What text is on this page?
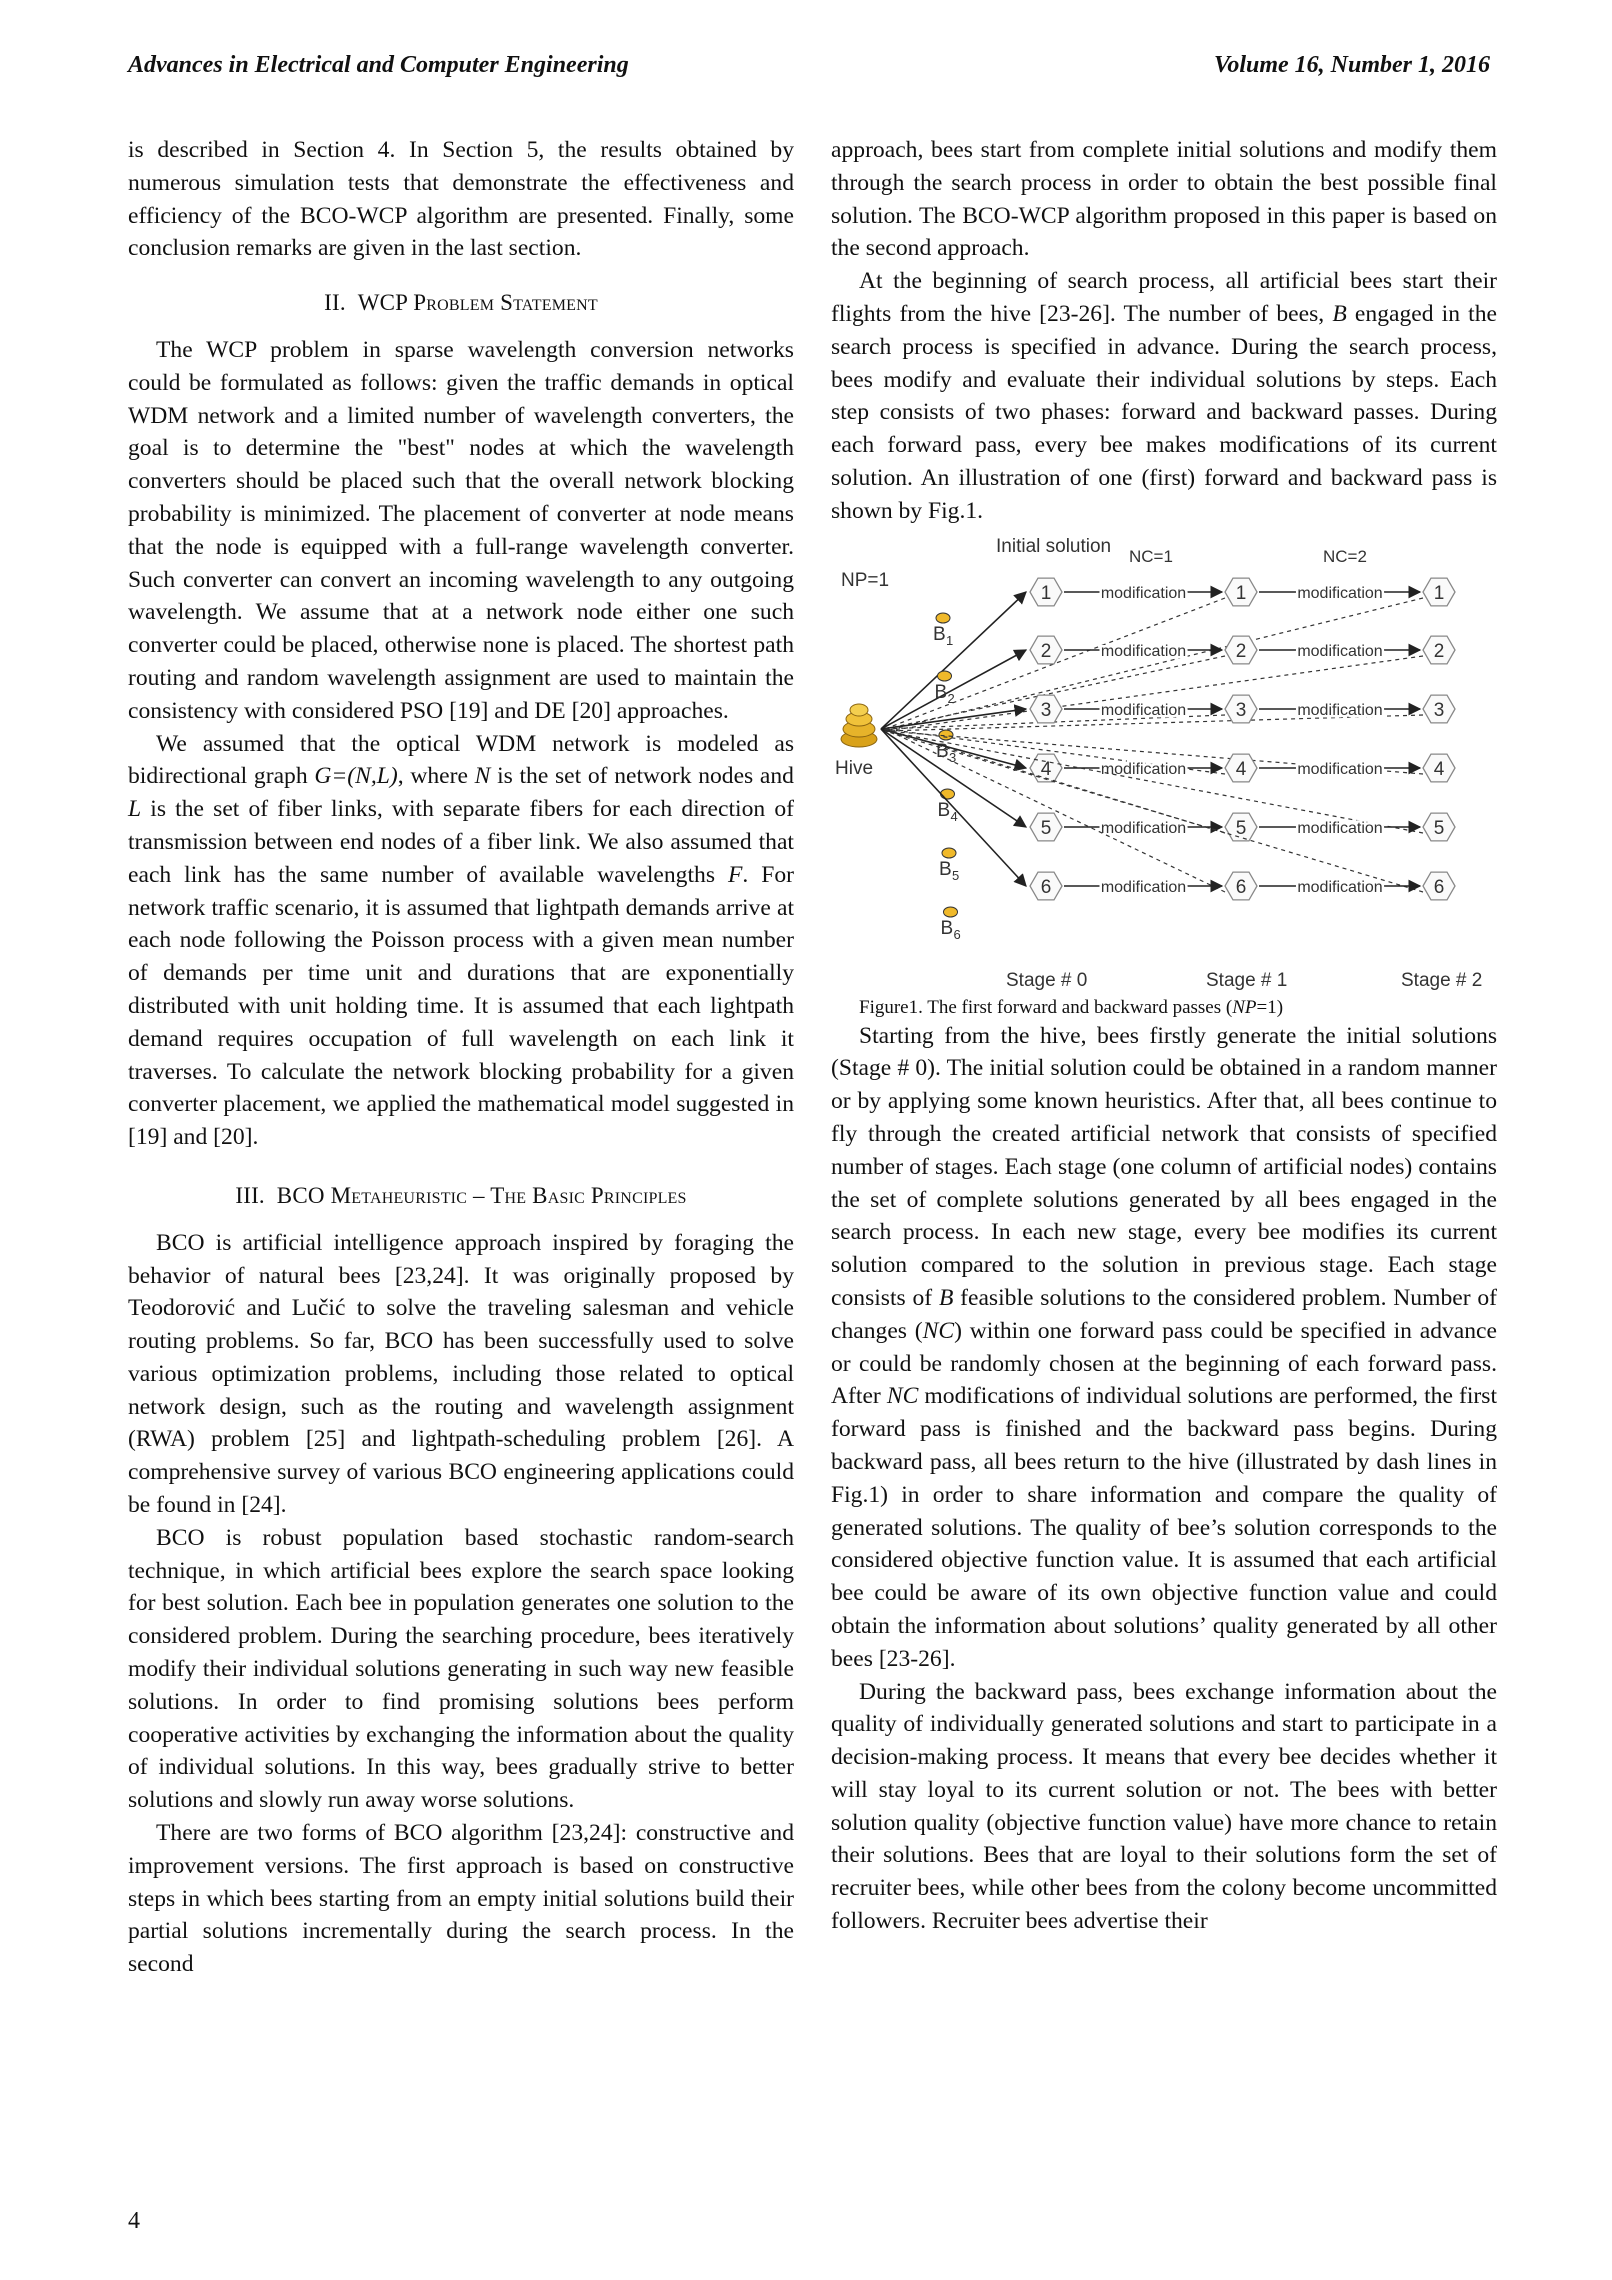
Advances in Electrical and Computer Engineering	Volume 16, Number 1, 2016

is described in Section 4. In Section 5, the results obtained by numerous simulation tests that demonstrate the effectiveness and efficiency of the BCO-WCP algorithm are presented. Finally, some conclusion remarks are given in the last section.

II. WCP Problem Statement

The WCP problem in sparse wavelength conversion networks could be formulated as follows: given the traffic demands in optical WDM network and a limited number of wavelength converters, the goal is to determine the "best" nodes at which the wavelength converters should be placed such that the overall network blocking probability is minimized. The placement of converter at node means that the node is equipped with a full-range wavelength converter. Such converter can convert an incoming wavelength to any outgoing wavelength. We assume that at a network node either one such converter could be placed, otherwise none is placed. The shortest path routing and random wavelength assignment are used to maintain the consistency with considered PSO [19] and DE [20] approaches.

We assumed that the optical WDM network is modeled as bidirectional graph G=(N,L), where N is the set of network nodes and L is the set of fiber links, with separate fibers for each direction of transmission between end nodes of a fiber link. We also assumed that each link has the same number of available wavelengths F. For network traffic scenario, it is assumed that lightpath demands arrive at each node following the Poisson process with a given mean number of demands per time unit and durations that are exponentially distributed with unit holding time. It is assumed that each lightpath demand requires occupation of full wavelength on each link it traverses. To calculate the network blocking probability for a given converter placement, we applied the mathematical model suggested in [19] and [20].

III. BCO Metaheuristic – The Basic Principles

BCO is artificial intelligence approach inspired by foraging the behavior of natural bees [23,24]. It was originally proposed by Teodorović and Lučić to solve the traveling salesman and vehicle routing problems. So far, BCO has been successfully used to solve various optimization problems, including those related to optical network design, such as the routing and wavelength assignment (RWA) problem [25] and lightpath-scheduling problem [26]. A comprehensive survey of various BCO engineering applications could be found in [24].

BCO is robust population based stochastic random-search technique, in which artificial bees explore the search space looking for best solution. Each bee in population generates one solution to the considered problem. During the searching procedure, bees iteratively modify their individual solutions generating in such way new feasible solutions. In order to find promising solutions bees perform cooperative activities by exchanging the information about the quality of individual solutions. In this way, bees gradually strive to better solutions and slowly run away worse solutions.

There are two forms of BCO algorithm [23,24]: constructive and improvement versions. The first approach is based on constructive steps in which bees starting from an empty initial solutions build their partial solutions incrementally during the search process. In the second

approach, bees start from complete initial solutions and modify them through the search process in order to obtain the best possible final solution. The BCO-WCP algorithm proposed in this paper is based on the second approach.

At the beginning of search process, all artificial bees start their flights from the hive [23-26]. The number of bees, B engaged in the search process is specified in advance. During the search process, bees modify and evaluate their individual solutions by steps. Each step consists of two phases: forward and backward passes. During each forward pass, every bee makes modifications of its current solution. An illustration of one (first) forward and backward pass is shown by Fig.1.

NP=1
Initial solution NC=1	NC=2
Hive
modification	modification
1	1	1
B 1
modification	modification
2	2	2
B 2
modification	modification
3	3	3
B 3
modification	modification
4	4	4
B 4
modification	modification
5	5	5
B 5
modification	modification
6	6	6
B 6
Stage # 0	Stage # 1	Stage # 2

Figure1. The first forward and backward passes (NP=1)

Starting from the hive, bees firstly generate the initial solutions (Stage # 0). The initial solution could be obtained in a random manner or by applying some known heuristics. After that, all bees continue to fly through the created artificial network that consists of specified number of stages. Each stage (one column of artificial nodes) contains the set of complete solutions generated by all bees engaged in the search process. In each new stage, every bee modifies its current solution compared to the solution in previous stage. Each stage consists of B feasible solutions to the considered problem. Number of changes (NC) within one forward pass could be specified in advance or could be randomly chosen at the beginning of each forward pass. After NC modifications of individual solutions are performed, the first forward pass is finished and the backward pass begins. During backward pass, all bees return to the hive (illustrated by dash lines in Fig.1) in order to share information and compare the quality of generated solutions. The quality of bee’s solution corresponds to the considered objective function value. It is assumed that each artificial bee could be aware of its own objective function value and could obtain the information about solutions’ quality generated by all other bees [23-26].

During the backward pass, bees exchange information about the quality of individually generated solutions and start to participate in a decision-making process. It means that every bee decides whether it will stay loyal to its current solution or not. The bees with better solution quality (objective function value) have more chance to retain their solutions. Bees that are loyal to their solutions form the set of recruiter bees, while other bees from the colony become uncommitted followers. Recruiter bees advertise their

4
